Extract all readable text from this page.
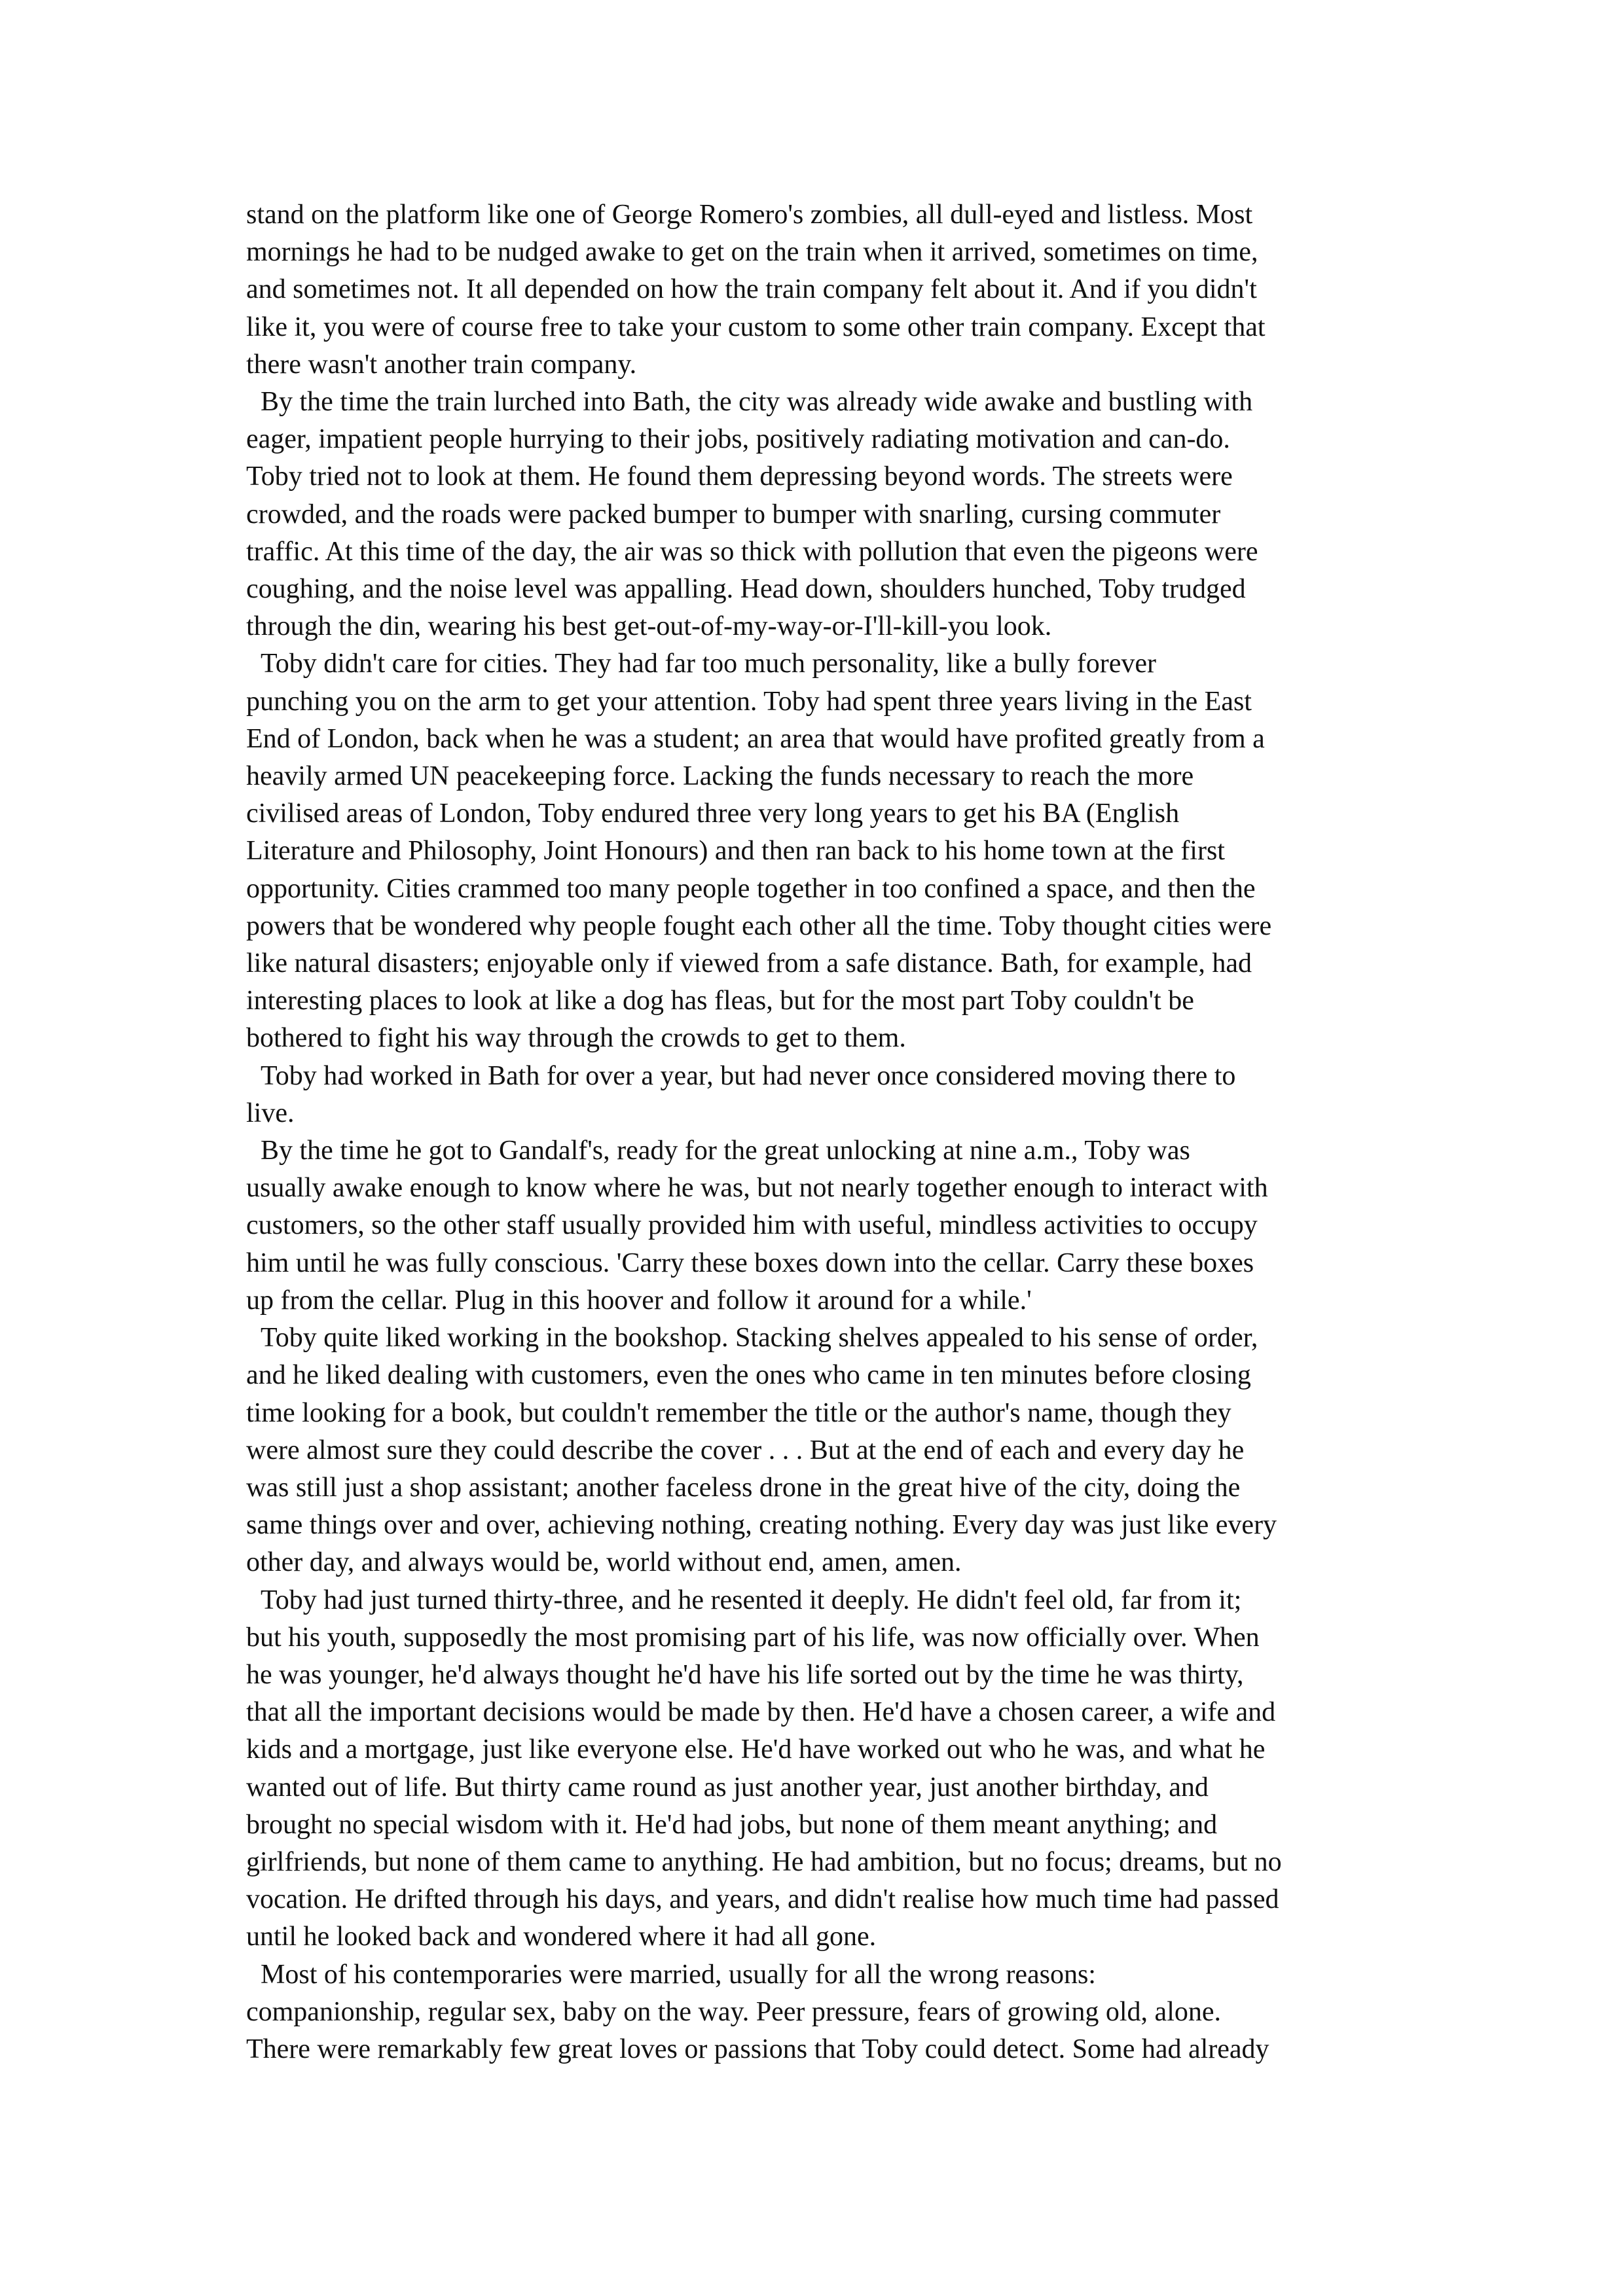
stand on the platform like one of George Romero's zombies, all dull-eyed and listless. Most
mornings he had to be nudged awake to get on the train when it arrived, sometimes on time,
and sometimes not. It all depended on how the train company felt about it. And if you didn't
like it, you were of course free to take your custom to some other train company. Except that
there wasn't another train company.

By the time the train lurched into Bath, the city was already wide awake and bustling with
eager, impatient people hurrying to their jobs, positively radiating motivation and can-do.
Toby tried not to look at them. He found them depressing beyond words. The streets were
crowded, and the roads were packed bumper to bumper with snarling, cursing commuter
traffic. At this time of the day, the air was so thick with pollution that even the pigeons were
coughing, and the noise level was appalling. Head down, shoulders hunched, Toby trudged
through the din, wearing his best get-out-of-my-way-or-I'll-kill-you look.

Toby didn't care for cities. They had far too much personality, like a bully forever
punching you on the arm to get your attention. Toby had spent three years living in the East
End of London, back when he was a student; an area that would have profited greatly from a
heavily armed UN peacekeeping force. Lacking the funds necessary to reach the more
civilised areas of London, Toby endured three very long years to get his BA (English
Literature and Philosophy, Joint Honours) and then ran back to his home town at the first
opportunity. Cities crammed too many people together in too confined a space, and then the
powers that be wondered why people fought each other all the time. Toby thought cities were
like natural disasters; enjoyable only if viewed from a safe distance. Bath, for example, had
interesting places to look at like a dog has fleas, but for the most part Toby couldn't be
bothered to fight his way through the crowds to get to them.

Toby had worked in Bath for over a year, but had never once considered moving there to
live.

By the time he got to Gandalf's, ready for the great unlocking at nine a.m., Toby was
usually awake enough to know where he was, but not nearly together enough to interact with
customers, so the other staff usually provided him with useful, mindless activities to occupy
him until he was fully conscious. 'Carry these boxes down into the cellar. Carry these boxes
up from the cellar. Plug in this hoover and follow it around for a while.'

Toby quite liked working in the bookshop. Stacking shelves appealed to his sense of order,
and he liked dealing with customers, even the ones who came in ten minutes before closing
time looking for a book, but couldn't remember the title or the author's name, though they
were almost sure they could describe the cover . . . But at the end of each and every day he
was still just a shop assistant; another faceless drone in the great hive of the city, doing the
same things over and over, achieving nothing, creating nothing. Every day was just like every
other day, and always would be, world without end, amen, amen.

Toby had just turned thirty-three, and he resented it deeply. He didn't feel old, far from it;
but his youth, supposedly the most promising part of his life, was now officially over. When
he was younger, he'd always thought he'd have his life sorted out by the time he was thirty,
that all the important decisions would be made by then. He'd have a chosen career, a wife and
kids and a mortgage, just like everyone else. He'd have worked out who he was, and what he
wanted out of life. But thirty came round as just another year, just another birthday, and
brought no special wisdom with it. He'd had jobs, but none of them meant anything; and
girlfriends, but none of them came to anything. He had ambition, but no focus; dreams, but no
vocation. He drifted through his days, and years, and didn't realise how much time had passed
until he looked back and wondered where it had all gone.

Most of his contemporaries were married, usually for all the wrong reasons:
companionship, regular sex, baby on the way. Peer pressure, fears of growing old, alone.
There were remarkably few great loves or passions that Toby could detect. Some had already
